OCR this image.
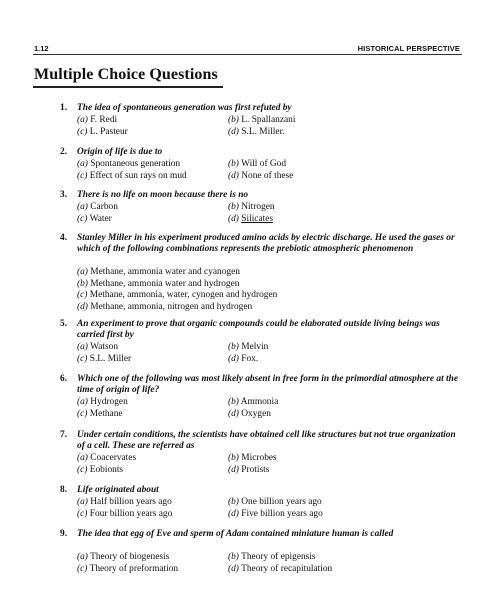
1.12	HISTORICAL PERSPECTIVE
Multiple Choice Questions
1. The idea of spontaneous generation was first refuted by
(a) F. Redi	(b) L. Spallanzani
(c) L. Pasteur	(d) S.L. Miller.
2. Origin of life is due to
(a) Spontaneous generation	(b) Will of God
(c) Effect of sun rays on mud	(d) None of these
3. There is no life on moon because there is no
(a) Carbon	(b) Nitrogen
(c) Water	(d) Silicates
4. Stanley Miller in his experiment produced amino acids by electric discharge. He used the gases or which of the following combinations represents the prebiotic atmospheric phenomenon
(a) Methane, ammonia water and cyanogen
(b) Methane, ammonia water and hydrogen
(c) Methane, ammonia, water, cynogen and hydrogen
(d) Methane, ammonia, nitrogen and hydrogen
5. An experiment to prove that organic compounds could be elaborated outside living beings was carried first by
(a) Watson	(b) Melvin
(c) S.L. Miller	(d) Fox.
6. Which one of the following was most likely absent in free form in the primordial atmosphere at the time of origin of life?
(a) Hydrogen	(b) Ammonia
(c) Methane	(d) Oxygen
7. Under certain conditions, the scientists have obtained cell like structures but not true organization of a cell. These are referred as
(a) Coacervates	(b) Microbes
(c) Eobionts	(d) Protists
8. Life originated about
(a) Half billion years ago	(b) One billion years ago
(c) Four billion years ago	(d) Five billion years ago
9. The idea that egg of Eve and sperm of Adam contained miniature human is called
(a) Theory of biogenesis	(b) Theory of epigensis
(c) Theory of preformation	(d) Theory of recapitulation
